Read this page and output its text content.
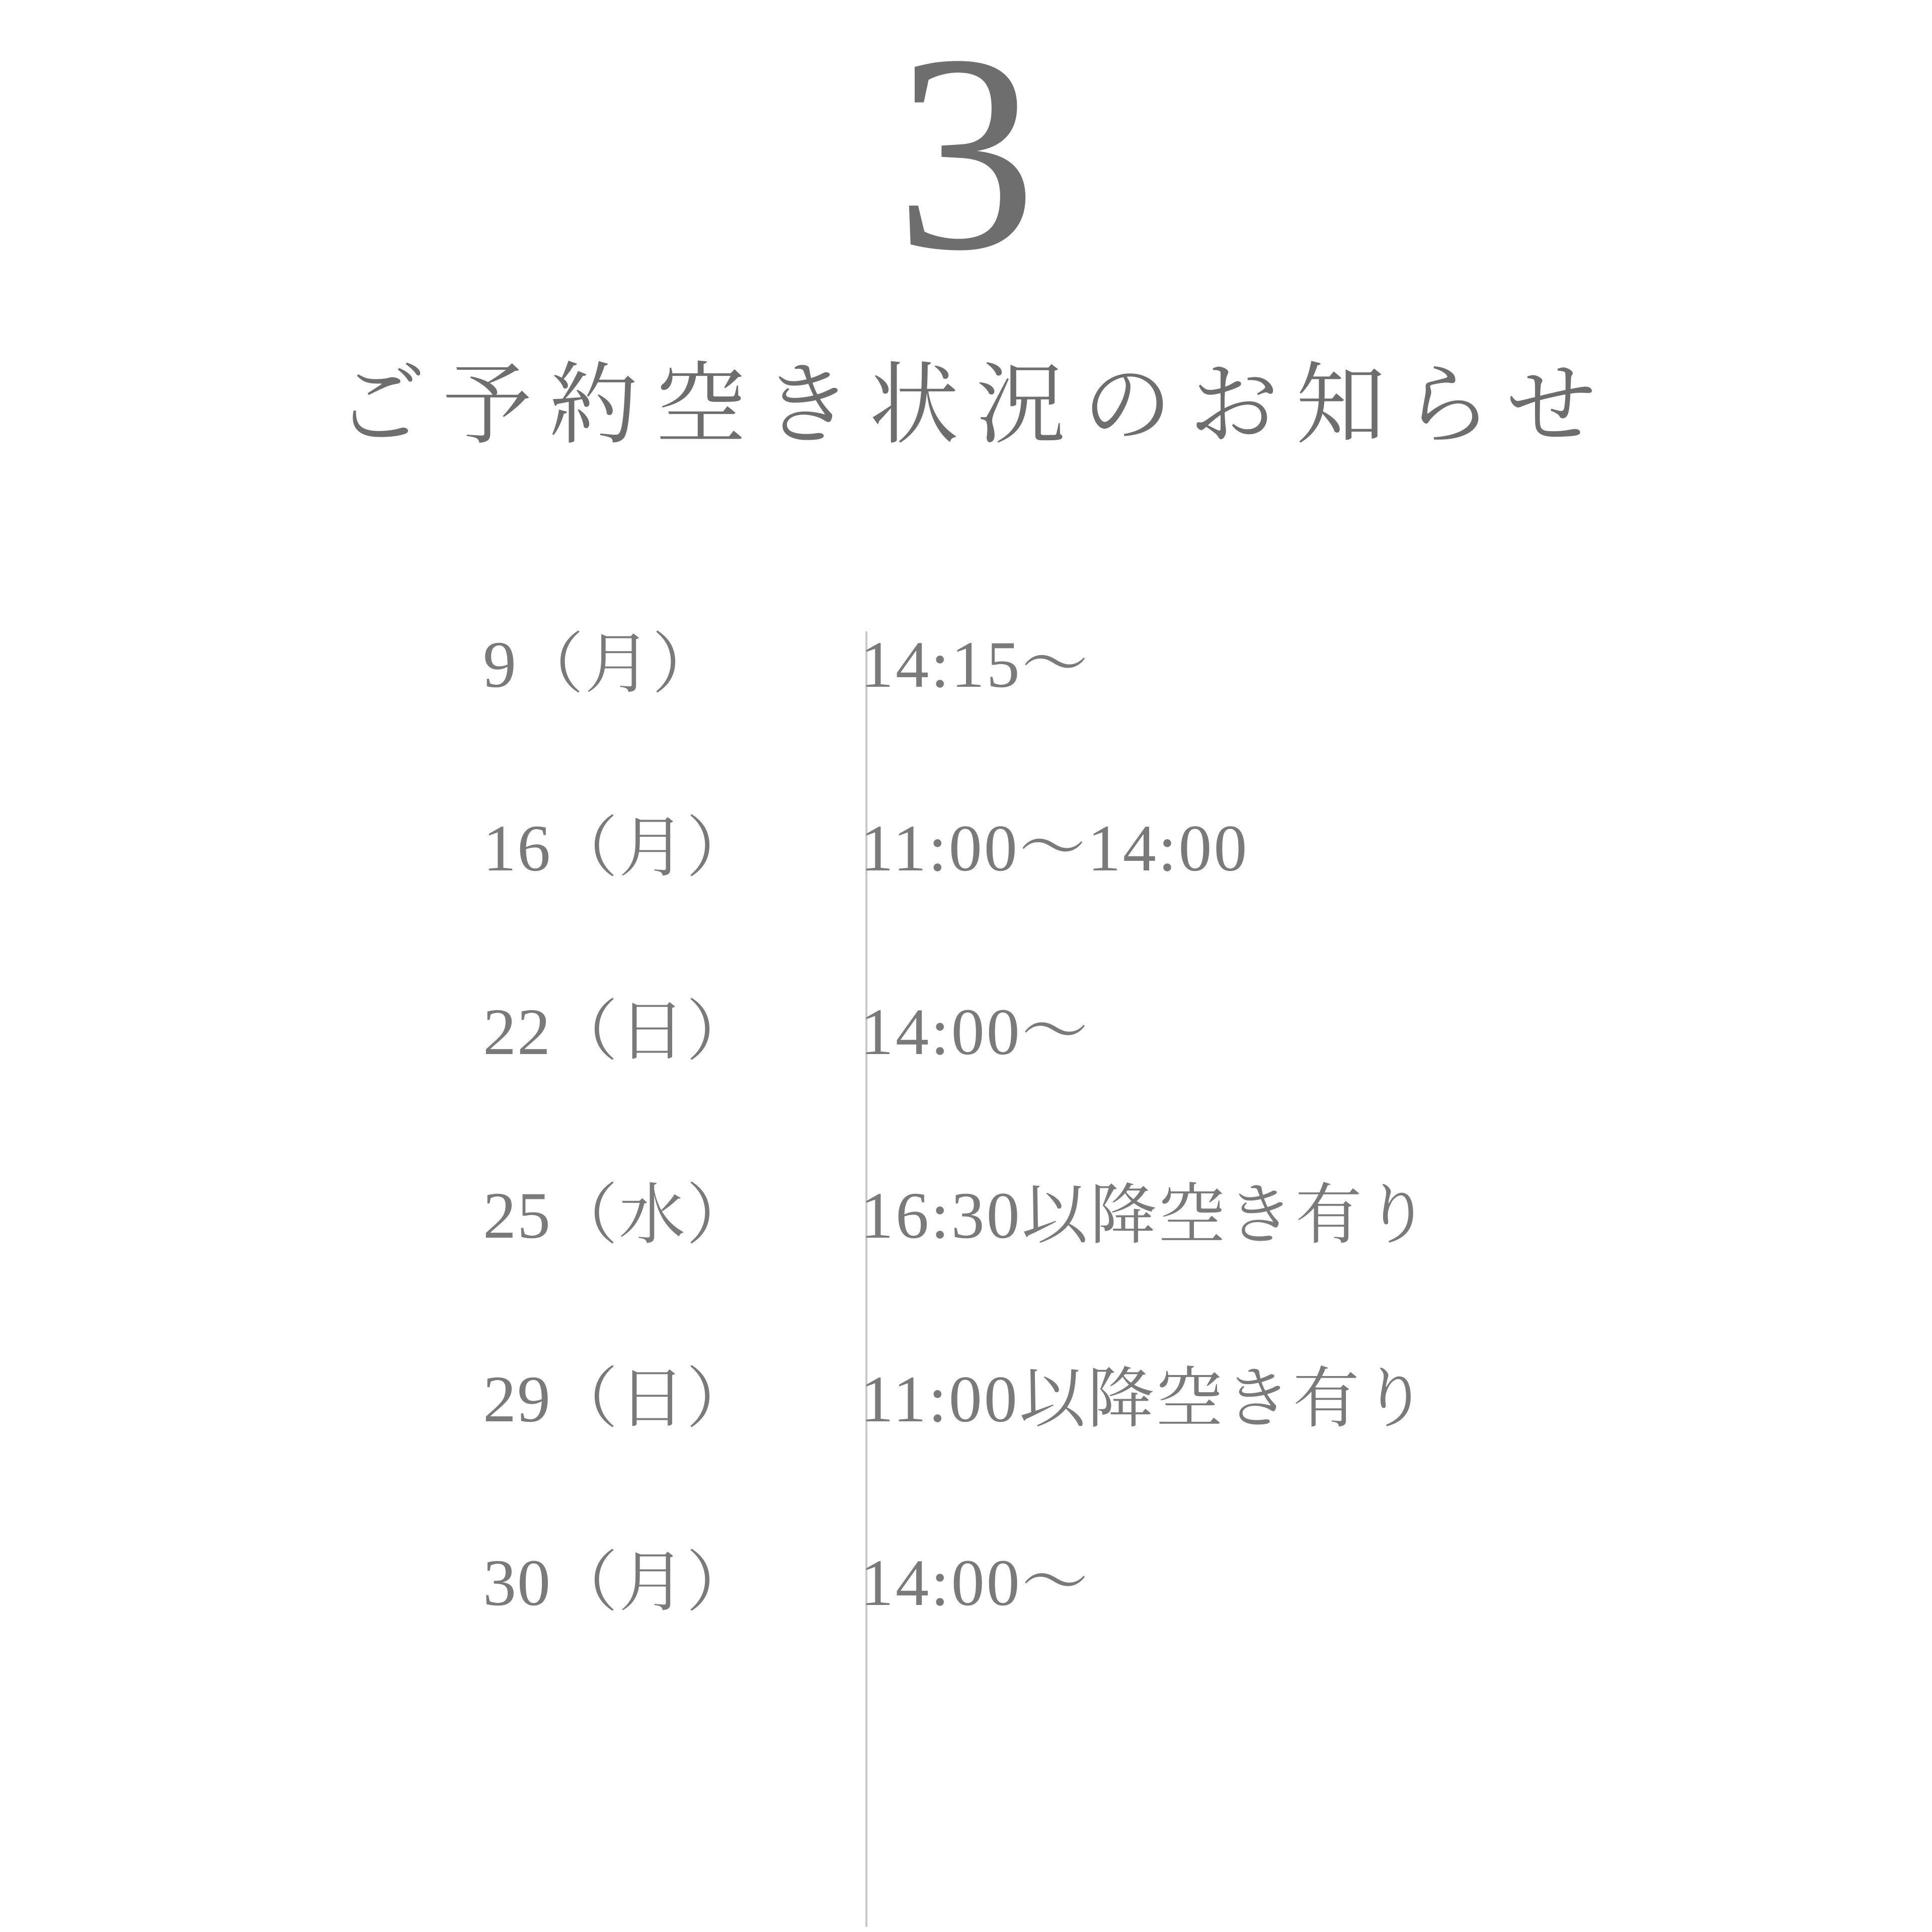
3
ご予約空き状況のお知らせ
9（月）	14:15〜
16（月）	11:00〜14:00
22（日）	14:00〜
25（水）	16:30以降空き有り
29（日）	11:00以降空き有り
30（月）	14:00〜
